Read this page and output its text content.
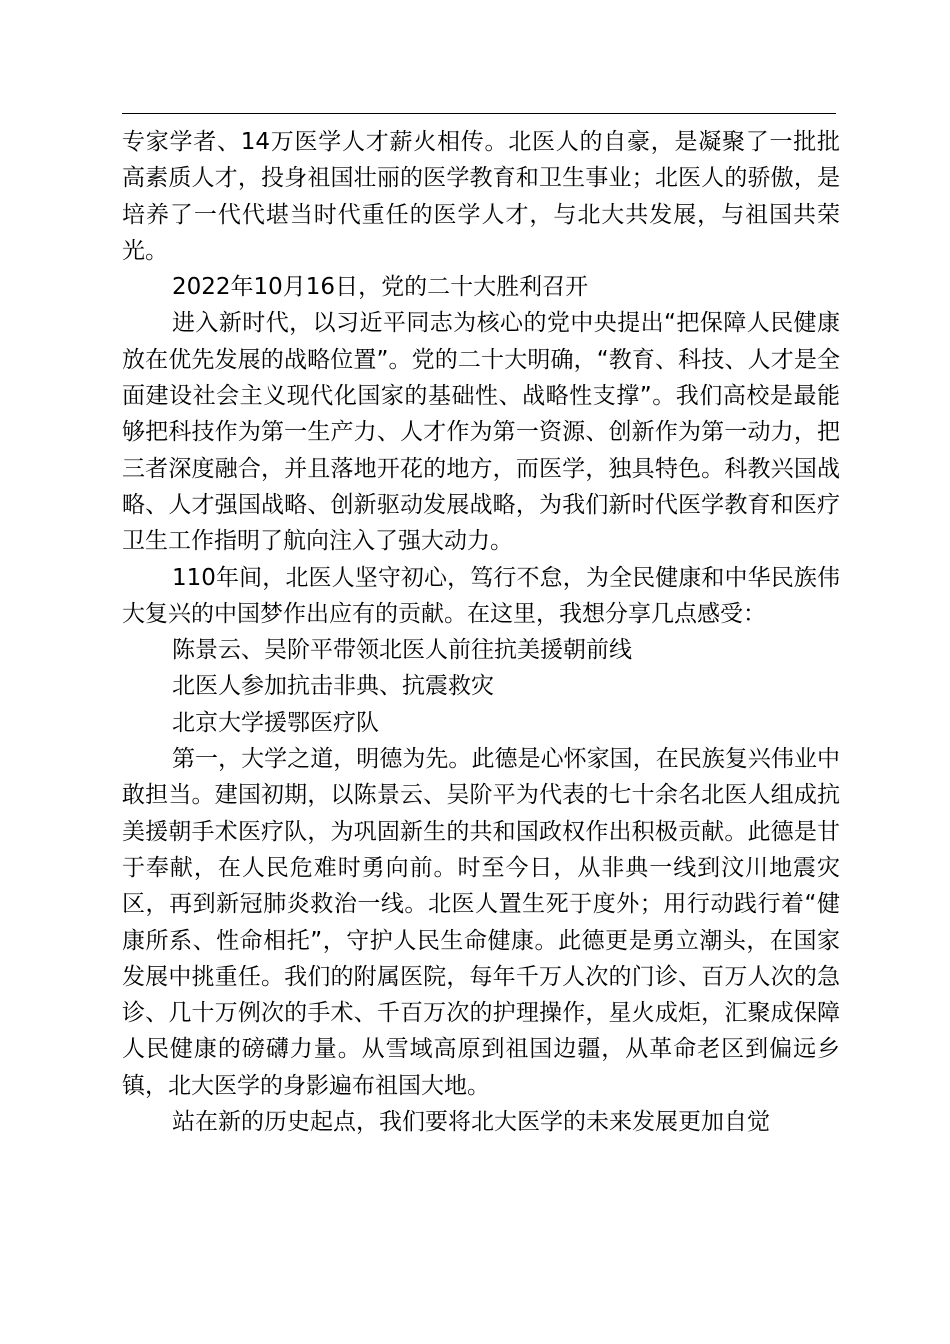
专家学者、14万医学人才薪火相传。北医人的自豪，是凝聚了一批批高素质人才，投身祖国壮丽的医学教育和卫生事业；北医人的骄傲，是培养了一代代堪当时代重任的医学人才，与北大共发展，与祖国共荣光。

2022年10月16日，党的二十大胜利召开

进入新时代，以习近平同志为核心的党中央提出“把保障人民健康放在优先发展的战略位置”。党的二十大明确，“教育、科技、人才是全面建设社会主义现代化国家的基础性、战略性支撑”。我们高校是最能够把科技作为第一生产力、人才作为第一资源、创新作为第一动力，把三者深度融合，并且落地开花的地方，而医学，独具特色。科教兴国战略、人才强国战略、创新驱动发展战略，为我们新时代医学教育和医疗卫生工作指明了航向注入了强大动力。

110年间，北医人坚守初心，笃行不怠，为全民健康和中华民族伟大复兴的中国梦作出应有的贡献。在这里，我想分享几点感受：

陈景云、吴阶平带领北医人前往抗美援朝前线

北医人参加抗击非典、抗震救灾

北京大学援鄂医疗队

第一，大学之道，明德为先。此德是心怀家国，在民族复兴伟业中敢担当。建国初期，以陈景云、吴阶平为代表的七十余名北医人组成抗美援朝手术医疗队，为巩固新生的共和国政权作出积极贡献。此德是甘于奉献，在人民危难时勇向前。时至今日，从非典一线到汶川地震灾区，再到新冠肺炎救治一线。北医人置生死于度外；用行动践行着“健康所系、性命相托”，守护人民生命健康。此德更是勇立潮头，在国家发展中挑重任。我们的附属医院，每年千万人次的门诊、百万人次的急诊、几十万例次的手术、千百万次的护理操作，星火成炬，汇聚成保障人民健康的磅礴力量。从雪域高原到祖国边疆，从革命老区到偏远乡镇，北大医学的身影遍布祖国大地。

站在新的历史起点，我们要将北大医学的未来发展更加自觉
